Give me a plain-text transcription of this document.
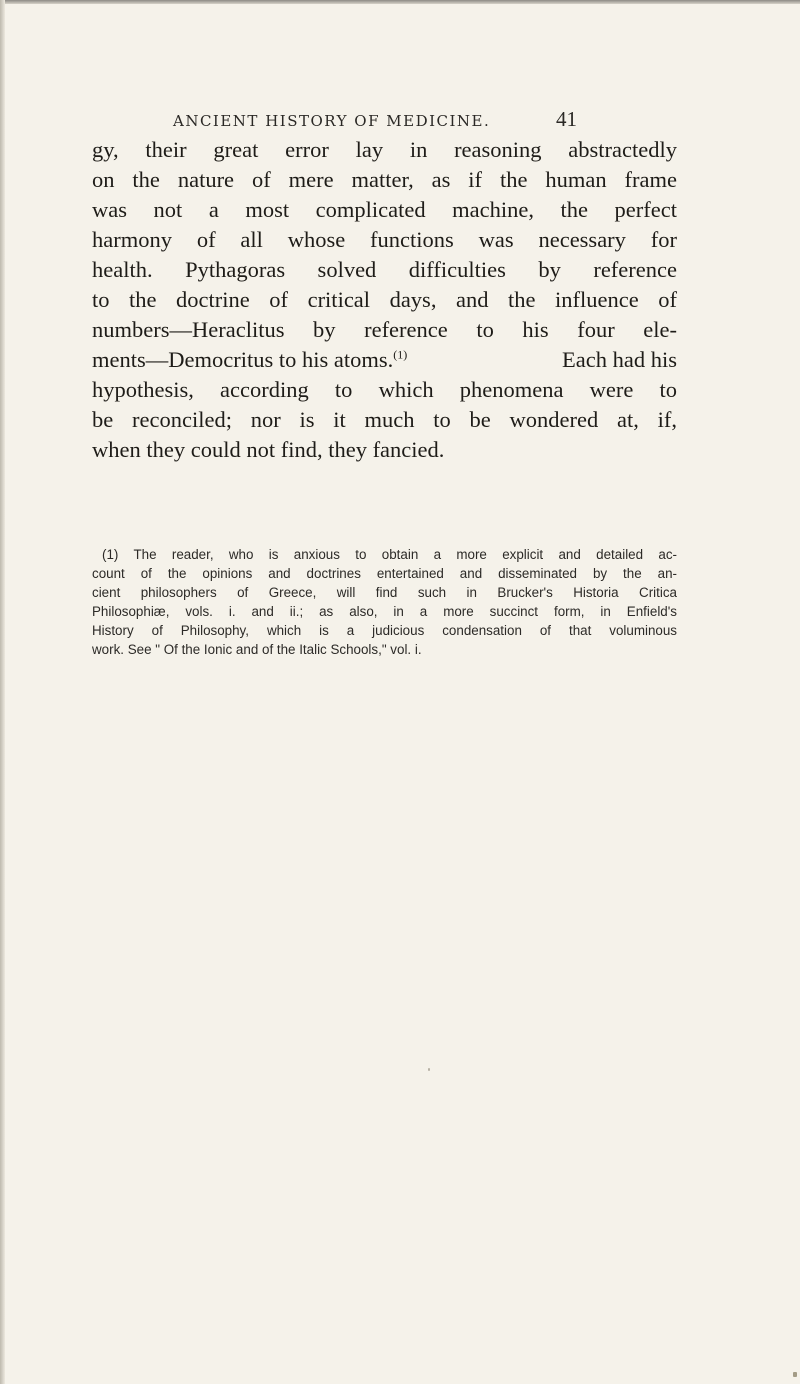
ANCIENT HISTORY OF MEDICINE.	41
gy, their great error lay in reasoning abstractedly
on the nature of mere matter, as if the human frame
was not a most complicated machine, the perfect
harmony of all whose functions was necessary for
health. Pythagoras solved difficulties by reference
to the doctrine of critical days, and the influence of
numbers—Heraclitus by reference to his four ele-
ments—Democritus to his atoms.$^{(1)}$	Each had his
hypothesis, according to which phenomena were to
be reconciled; nor is it much to be wondered at, if,
when they could not find, they fancied.
(1) The reader, who is anxious to obtain a more explicit and detailed ac-
count of the opinions and doctrines entertained and disseminated by the an-
cient philosophers of Greece, will find such in Brucker's Historia Critica
Philosophiæ, vols. i. and ii.; as also, in a more succinct form, in Enfield's
History of Philosophy, which is a judicious condensation of that voluminous
work. See " Of the Ionic and of the Italic Schools," vol. i.
